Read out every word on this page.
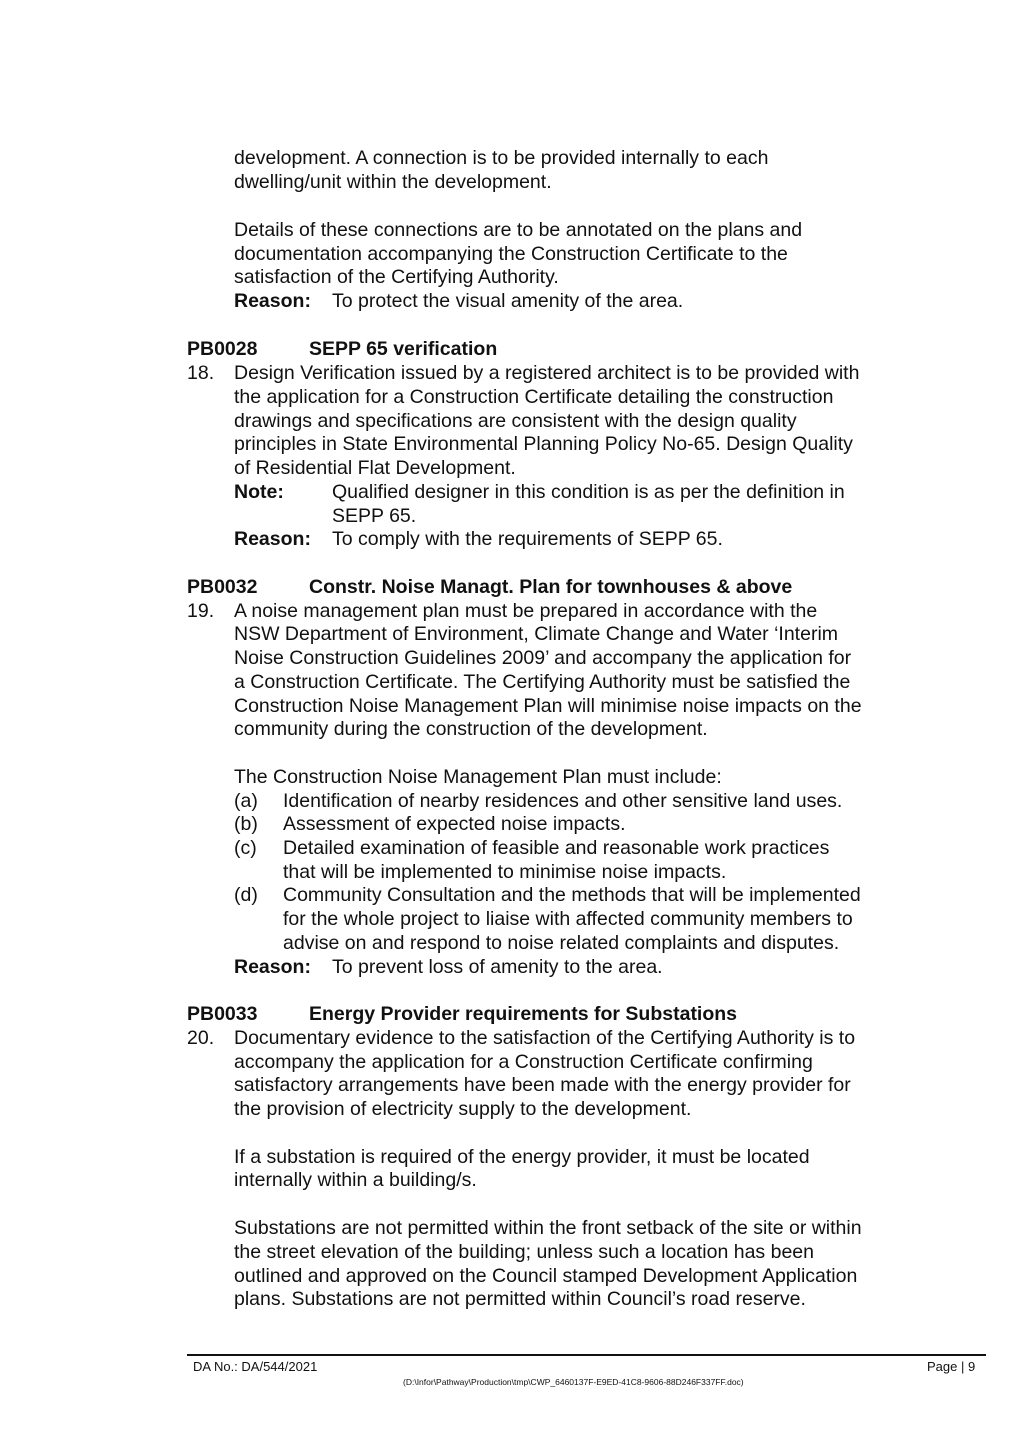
development. A connection is to be provided internally to each
dwelling/unit within the development.
Details of these connections are to be annotated on the plans and
documentation accompanying the Construction Certificate to the
satisfaction of the Certifying Authority.
Reason: To protect the visual amenity of the area.
PB0028	SEPP 65 verification
18. Design Verification issued by a registered architect is to be provided with
the application for a Construction Certificate detailing the construction
drawings and specifications are consistent with the design quality
principles in State Environmental Planning Policy No-65. Design Quality
of Residential Flat Development.
Note: Qualified designer in this condition is as per the definition in
SEPP 65.
Reason: To comply with the requirements of SEPP 65.
PB0032	Constr. Noise Managt. Plan for townhouses & above
19. A noise management plan must be prepared in accordance with the
NSW Department of Environment, Climate Change and Water ‘Interim
Noise Construction Guidelines 2009’ and accompany the application for
a Construction Certificate. The Certifying Authority must be satisfied the
Construction Noise Management Plan will minimise noise impacts on the
community during the construction of the development.
The Construction Noise Management Plan must include:
(a) Identification of nearby residences and other sensitive land uses.
(b) Assessment of expected noise impacts.
(c) Detailed examination of feasible and reasonable work practices
that will be implemented to minimise noise impacts.
(d) Community Consultation and the methods that will be implemented
for the whole project to liaise with affected community members to
advise on and respond to noise related complaints and disputes.
Reason: To prevent loss of amenity to the area.
PB0033	Energy Provider requirements for Substations
20. Documentary evidence to the satisfaction of the Certifying Authority is to
accompany the application for a Construction Certificate confirming
satisfactory arrangements have been made with the energy provider for
the provision of electricity supply to the development.
If a substation is required of the energy provider, it must be located
internally within a building/s.
Substations are not permitted within the front setback of the site or within
the street elevation of the building; unless such a location has been
outlined and approved on the Council stamped Development Application
plans. Substations are not permitted within Council’s road reserve.
DA No.: DA/544/2021	Page | 9
(D:\Infor\Pathway\Production\tmp\CWP_6460137F-E9ED-41C8-9606-88D246F337FF.doc)
